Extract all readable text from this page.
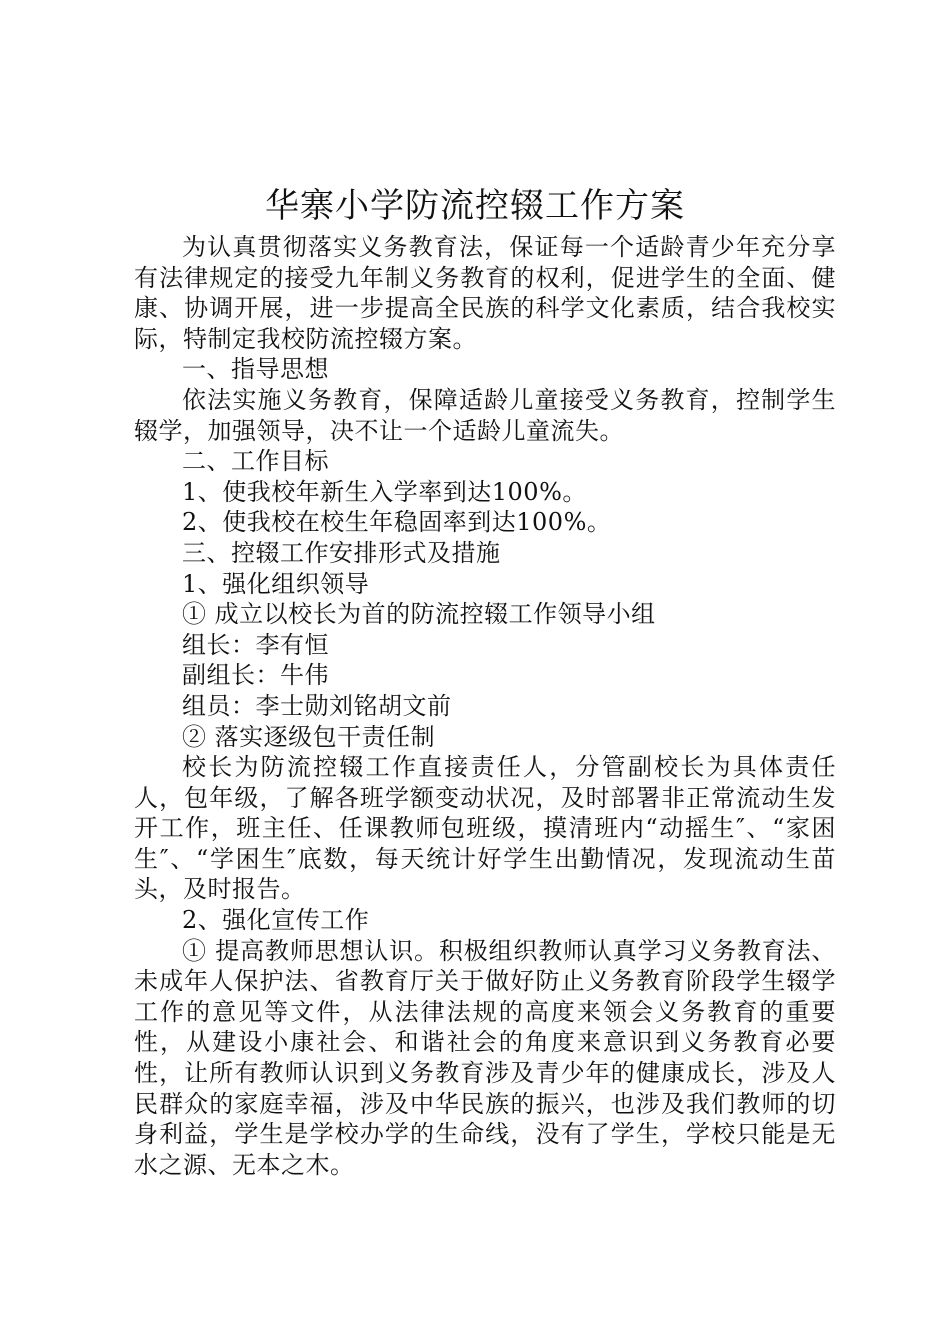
华寨小学防流控辍工作方案

为认真贯彻落实义务教育法，保证每一个适龄青少年充分享有法律规定的接受九年制义务教育的权利，促进学生的全面、健康、协调开展，进一步提高全民族的科学文化素质，结合我校实际，特制定我校防流控辍方案。

一、指导思想

依法实施义务教育，保障适龄儿童接受义务教育，控制学生辍学，加强领导，决不让一个适龄儿童流失。

二、工作目标

1、使我校年新生入学率到达100%。

2、使我校在校生年稳固率到达100%。

三、控辍工作安排形式及措施

1、强化组织领导

① 成立以校长为首的防流控辍工作领导小组

组长：李有恒

副组长：牛伟

组员：李士勋刘铭胡文前

② 落实逐级包干责任制

校长为防流控辍工作直接责任人，分管副校长为具体责任人，包年级，了解各班学额变动状况，及时部署非正常流动生发开工作，班主任、任课教师包班级，摸清班内“动摇生″、“家困生″、“学困生″底数，每天统计好学生出勤情况，发现流动生苗头，及时报告。

2、强化宣传工作

① 提高教师思想认识。积极组织教师认真学习义务教育法、未成年人保护法、省教育厅关于做好防止义务教育阶段学生辍学工作的意见等文件，从法律法规的高度来领会义务教育的重要性，从建设小康社会、和谐社会的角度来意识到义务教育必要性，让所有教师认识到义务教育涉及青少年的健康成长，涉及人民群众的家庭幸福，涉及中华民族的振兴，也涉及我们教师的切身利益，学生是学校办学的生命线，没有了学生，学校只能是无水之源、无本之木。
